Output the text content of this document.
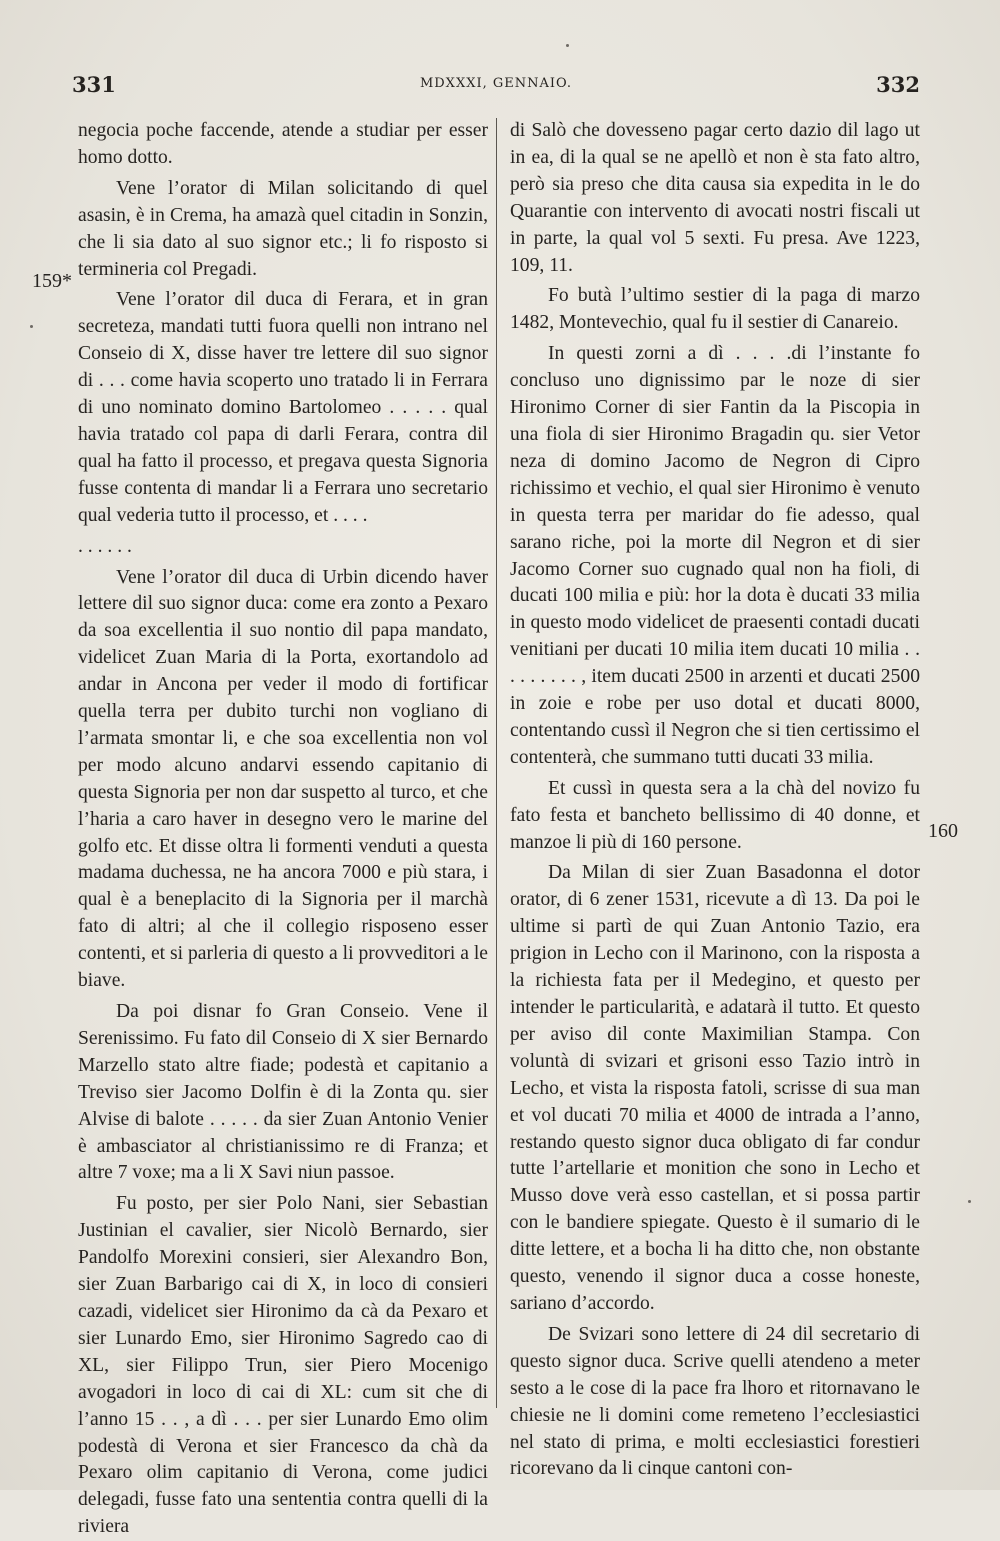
331	MDXXXI, GENNAIO.	332
159*
160

negocia poche faccende, atende a studiar per esser homo dotto.

Vene l’orator di Milan solicitando di quel asasin, è in Crema, ha amazà quel citadin in Sonzin, che li sia dato al suo signor etc.; li fo risposto si termineria col Pregadi.

Vene l’orator dil duca di Ferara, et in gran secreteza, mandati tutti fuora quelli non intrano nel Conseio di X, disse haver tre lettere dil suo signor di . . . come havia scoperto uno tratado li in Ferrara di uno nominato domino Bartolomeo . . . . . qual havia tratado col papa di darli Ferara, contra dil qual ha fatto il processo, et pregava questa Signoria fusse contenta di mandar li a Ferrara uno secretario qual vederia tutto il processo, et . . . .

. . . . . .

Vene l’orator dil duca di Urbin dicendo haver lettere dil suo signor duca: come era zonto a Pexaro da soa excellentia il suo nontio dil papa mandato, videlicet Zuan Maria di la Porta, exortandolo ad andar in Ancona per veder il modo di fortificar quella terra per dubito turchi non vogliano di l’armata smontar li, e che soa excellentia non vol per modo alcuno andarvi essendo capitanio di questa Signoria per non dar suspetto al turco, et che l’haria a caro haver in desegno vero le marine del golfo etc. Et disse oltra li formenti venduti a questa madama duchessa, ne ha ancora 7000 e più stara, i qual è a beneplacito di la Signoria per il marchà fato di altri; al che il collegio risposeno esser contenti, et si parleria di questo a li provveditori a le biave.

Da poi disnar fo Gran Conseio. Vene il Serenissimo. Fu fato dil Conseio di X sier Bernardo Marzello stato altre fiade; podestà et capitanio a Treviso sier Jacomo Dolfin è di la Zonta qu. sier Alvise di balote . . . . . da sier Zuan Antonio Venier è ambasciator al christianissimo re di Franza; et altre 7 voxe; ma a li X Savi niun passoe.

Fu posto, per sier Polo Nani, sier Sebastian Justinian el cavalier, sier Nicolò Bernardo, sier Pandolfo Morexini consieri, sier Alexandro Bon, sier Zuan Barbarigo cai di X, in loco di consieri cazadi, videlicet sier Hironimo da cà da Pexaro et sier Lunardo Emo, sier Hironimo Sagredo cao di XL, sier Filippo Trun, sier Piero Mocenigo avogadori in loco di cai di XL: cum sit che di l’anno 15 . . , a dì . . . per sier Lunardo Emo olim podestà di Verona et sier Francesco da chà da Pexaro olim capitanio di Verona, come judici delegadi, fusse fato una sententia contra quelli di la riviera

di Salò che dovesseno pagar certo dazio dil lago ut in ea, di la qual se ne apellò et non è sta fato altro, però sia preso che dita causa sia expedita in le do Quarantie con intervento di avocati nostri fiscali ut in parte, la qual vol 5 sexti. Fu presa. Ave 1223, 109, 11.

Fo butà l’ultimo sestier di la paga di marzo 1482, Montevechio, qual fu il sestier di Canareio.

In questi zorni a dì . . . .di l’instante fo concluso uno dignissimo par le noze di sier Hironimo Corner di sier Fantin da la Piscopia in una fiola di sier Hironimo Bragadin qu. sier Vetor neza di domino Jacomo de Negron di Cipro richissimo et vechio, el qual sier Hironimo è venuto in questa terra per maridar do fie adesso, qual sarano riche, poi la morte dil Negron et di sier Jacomo Corner suo cugnado qual non ha fioli, di ducati 100 milia e più: hor la dota è ducati 33 milia in questo modo videlicet de praesenti contadi ducati venitiani per ducati 10 milia item ducati 10 milia . . . . . . . . . , item ducati 2500 in arzenti et ducati 2500 in zoie e robe per uso dotal et ducati 8000, contentando cussì il Negron che si tien certissimo el contenterà, che summano tutti ducati 33 milia.

Et cussì in questa sera a la chà del novizo fu fato festa et bancheto bellissimo di 40 donne, et manzoe li più di 160 persone.

Da Milan di sier Zuan Basadonna el dotor orator, di 6 zener 1531, ricevute a dì 13. Da poi le ultime si partì de qui Zuan Antonio Tazio, era prigion in Lecho con il Marinono, con la risposta a la richiesta fata per il Medegino, et questo per intender le particularità, e adatarà il tutto. Et questo per aviso dil conte Maximilian Stampa. Con voluntà di svizari et grisoni esso Tazio intrò in Lecho, et vista la risposta fatoli, scrisse di sua man et vol ducati 70 milia et 4000 de intrada a l’anno, restando questo signor duca obligato di far condur tutte l’artellarie et monition che sono in Lecho et Musso dove verà esso castellan, et si possa partir con le bandiere spiegate. Questo è il sumario di le ditte lettere, et a bocha li ha ditto che, non obstante questo, venendo il signor duca a cosse honeste, sariano d’accordo.

De Svizari sono lettere di 24 dil secretario di questo signor duca. Scrive quelli atendeno a meter sesto a le cose di la pace fra lhoro et ritornavano le chiesie ne li domini come remeteno l’ecclesiastici nel stato di prima, e molti ecclesiastici forestieri ricorevano da li cinque cantoni con-
